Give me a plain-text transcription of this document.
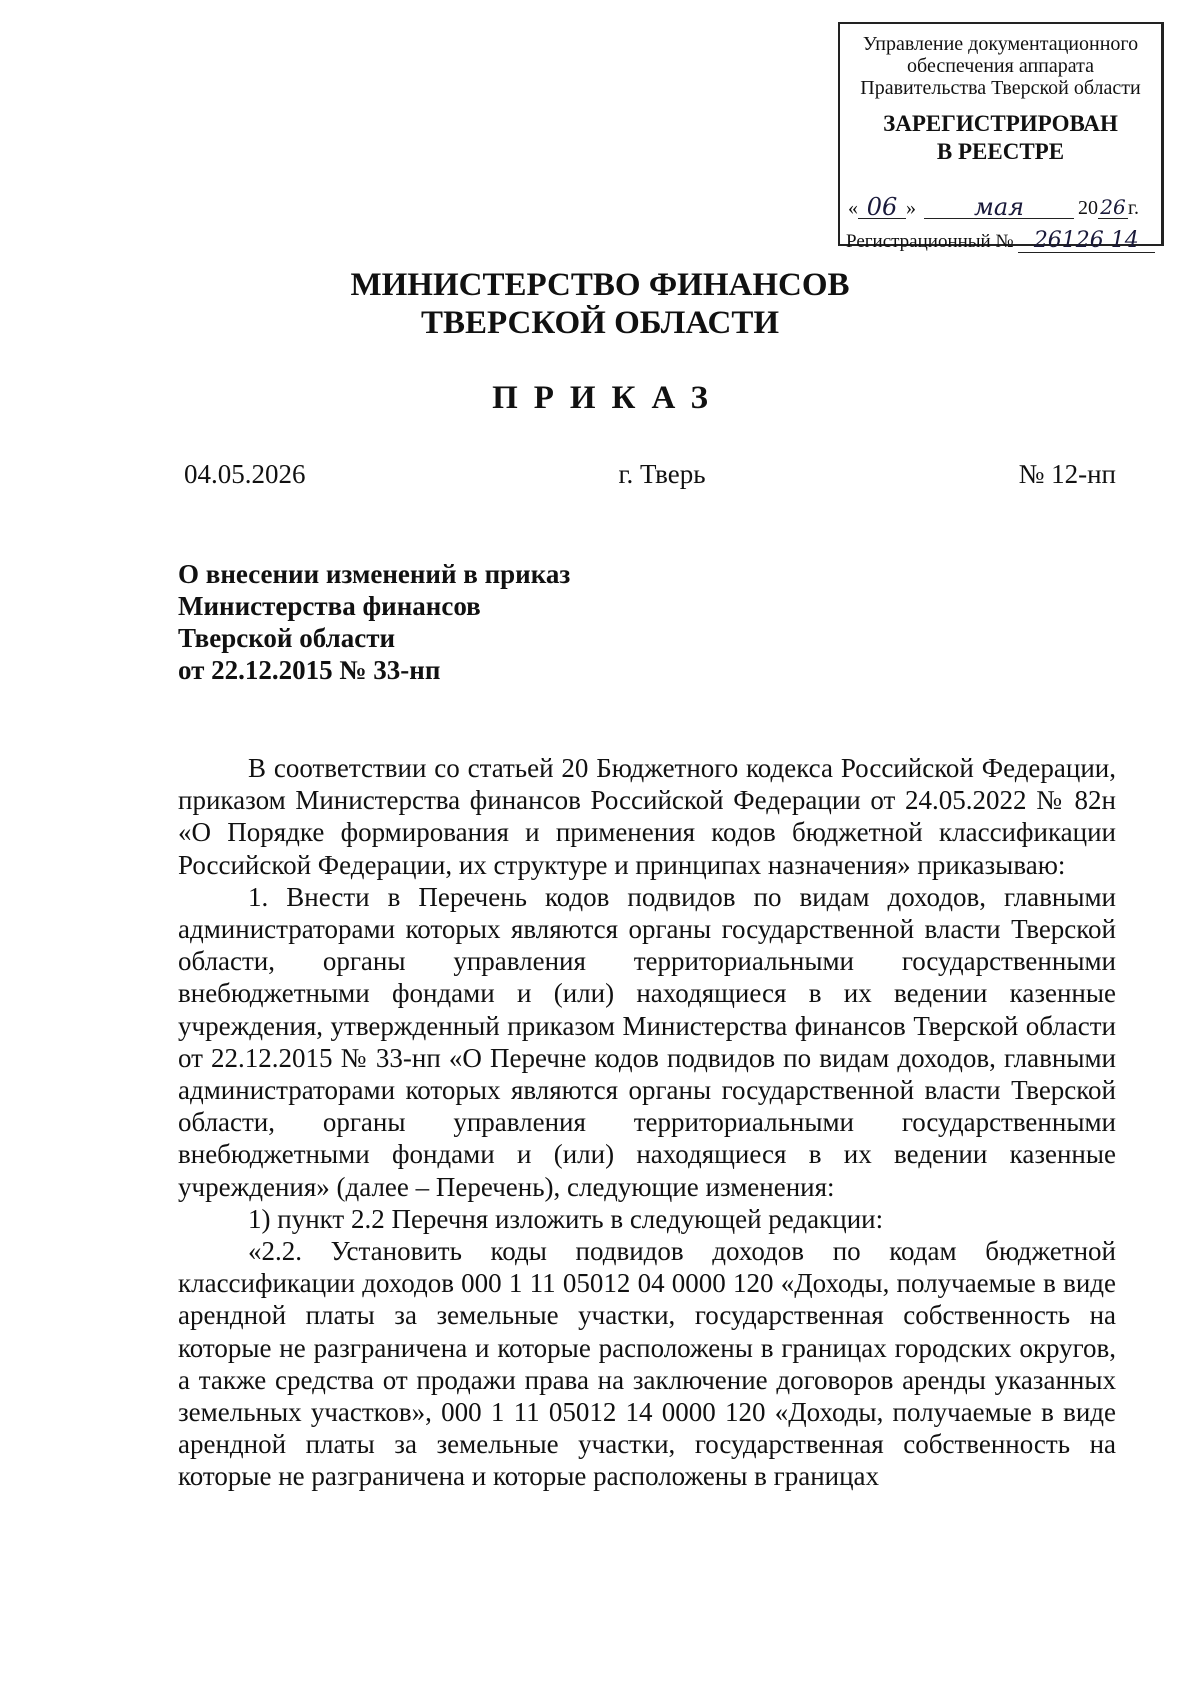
Управление документационного
обеспечения аппарата
Правительства Тверской области
ЗАРЕГИСТРИРОВАН
В РЕЕСТРЕ
« 06 »	мая	20 26 г.
Регистрационный № 26126 14
МИНИСТЕРСТВО ФИНАНСОВ
ТВЕРСКОЙ ОБЛАСТИ
ПРИКАЗ
04.05.2026	г. Тверь	№ 12-нп
О внесении изменений в приказ
Министерства финансов
Тверской области
от 22.12.2015 № 33-нп

В соответствии со статьей 20 Бюджетного кодекса Российской Федерации, приказом Министерства финансов Российской Федерации от 24.05.2022 № 82н «О Порядке формирования и применения кодов бюджетной классификации Российской Федерации, их структуре и принципах назначения» приказываю:

1. Внести в Перечень кодов подвидов по видам доходов, главными администраторами которых являются органы государственной власти Тверской области, органы управления территориальными государственными внебюджетными фондами и (или) находящиеся в их ведении казенные учреждения, утвержденный приказом Министерства финансов Тверской области от 22.12.2015 № 33-нп «О Перечне кодов подвидов по видам доходов, главными администраторами которых являются органы государственной власти Тверской области, органы управления территориальными государственными внебюджетными фондами и (или) находящиеся в их ведении казенные учреждения» (далее – Перечень), следующие изменения:

1) пункт 2.2 Перечня изложить в следующей редакции:

«2.2. Установить коды подвидов доходов по кодам бюджетной классификации доходов 000 1 11 05012 04 0000 120 «Доходы, получаемые в виде арендной платы за земельные участки, государственная собственность на которые не разграничена и которые расположены в границах городских округов, а также средства от продажи права на заключение договоров аренды указанных земельных участков», 000 1 11 05012 14 0000 120 «Доходы, получаемые в виде арендной платы за земельные участки, государственная собственность на которые не разграничена и которые расположены в границах
